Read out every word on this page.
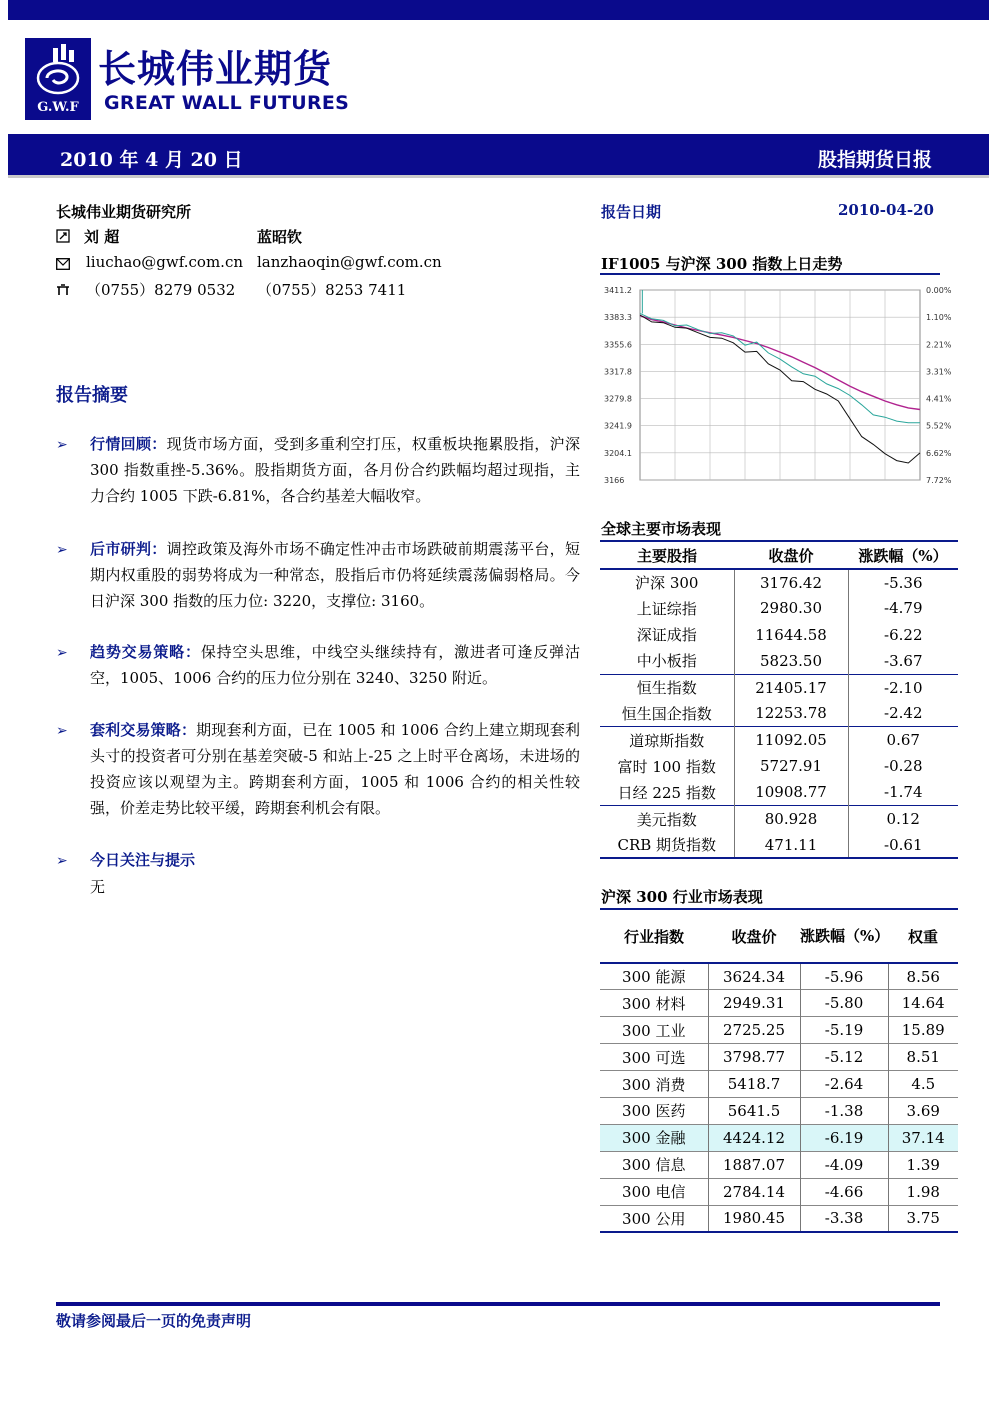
G.W.F
长城伟业期货
GREAT WALL FUTURES
2010 年 4 月 20 日	股指期货日报
长城伟业期货研究所
刘 超	蓝昭钦
liuchao@gwf.com.cn lanzhaoqin@gwf.com.cn
（0755）8279 0532 （0755）8253 7411
报告摘要
➢ 行情回顾：现货市场方面，受到多重利空打压，权重板块拖累股指，沪深 300 指数重挫-5.36%。股指期货方面，各月份合约跌幅均超过现指，主力合约 1005 下跌-6.81%，各合约基差大幅收窄。
➢ 后市研判：调控政策及海外市场不确定性冲击市场跌破前期震荡平台，短期内权重股的弱势将成为一种常态，股指后市仍将延续震荡偏弱格局。今日沪深 300 指数的压力位: 3220，支撑位: 3160。
➢ 趋势交易策略：保持空头思维，中线空头继续持有，激进者可逢反弹沽空，1005、1006 合约的压力位分别在 3240、3250 附近。
➢ 套利交易策略：期现套利方面，已在 1005 和 1006 合约上建立期现套利头寸的投资者可分别在基差突破-5 和站上-25 之上时平仓离场，未进场的投资应该以观望为主。跨期套利方面，1005 和 1006 合约的相关性较强，价差走势比较平缓，跨期套利机会有限。
➢ 今日关注与提示
无
报告日期	2010-04-20
IF1005 与沪深 300 指数上日走势
3411.2
3383.3
3355.6
3317.8
3279.8
3241.9
3204.1
3166
0.00%
1.10%
2.21%
3.31%
4.41%
5.52%
6.62%
7.72%
全球主要市场表现
主要股指	收盘价	涨跌幅（%）
沪深 300	3176.42	-5.36
上证综指	2980.30	-4.79
深证成指	11644.58	-6.22
中小板指	5823.50	-3.67
恒生指数	21405.17	-2.10
恒生国企指数	12253.78	-2.42
道琼斯指数	11092.05	0.67
富时 100 指数	5727.91	-0.28
日经 225 指数	10908.77	-1.74
美元指数	80.928	0.12
CRB 期货指数	471.11	-0.61
沪深 300 行业市场表现
行业指数	收盘价	涨跌幅（%）	权重
300 能源	3624.34	-5.96	8.56
300 材料	2949.31	-5.80	14.64
300 工业	2725.25	-5.19	15.89
300 可选	3798.77	-5.12	8.51
300 消费	5418.7	-2.64	4.5
300 医药	5641.5	-1.38	3.69
300 金融	4424.12	-6.19	37.14
300 信息	1887.07	-4.09	1.39
300 电信	2784.14	-4.66	1.98
300 公用	1980.45	-3.38	3.75
敬请参阅最后一页的免责声明
